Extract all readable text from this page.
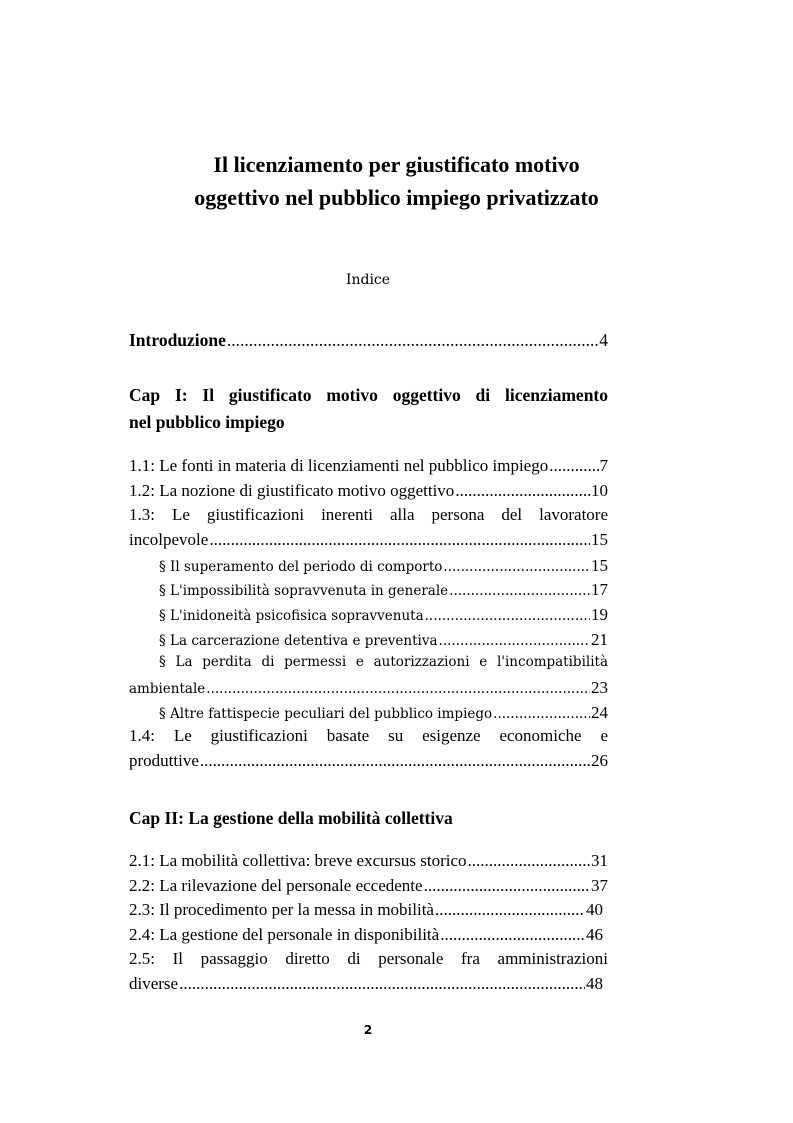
Il licenziamento per giustificato motivo
oggettivo nel pubblico impiego privatizzato
Indice
Introduzione .....	4
Cap I: Il giustificato motivo oggettivo di licenziamento
nel pubblico impiego
1.1: Le fonti in materia di licenziamenti nel pubblico impiego .....	7
1.2: La nozione di giustificato motivo oggettivo .....	10
1.3: Le giustificazioni inerenti alla persona del lavoratore
incolpevole .....	15
§ Il superamento del periodo di comporto .....	15
§ L'impossibilità sopravvenuta in generale .....	17
§ L'inidoneità psicofisica sopravvenuta .....	19
§ La carcerazione detentiva e preventiva .....	21
§ La perdita di permessi e autorizzazioni e l'incompatibilità
ambientale .....	23
§ Altre fattispecie peculiari del pubblico impiego .....	24
1.4: Le giustificazioni basate su esigenze economiche e
produttive .....	26
Cap II: La gestione della mobilità collettiva
2.1: La mobilità collettiva: breve excursus storico .....	31
2.2: La rilevazione del personale eccedente .....	37
2.3: Il procedimento per la messa in mobilità .....	40
2.4: La gestione del personale in disponibilità .....	46
2.5: Il passaggio diretto di personale fra amministrazioni
diverse .....	48
2
